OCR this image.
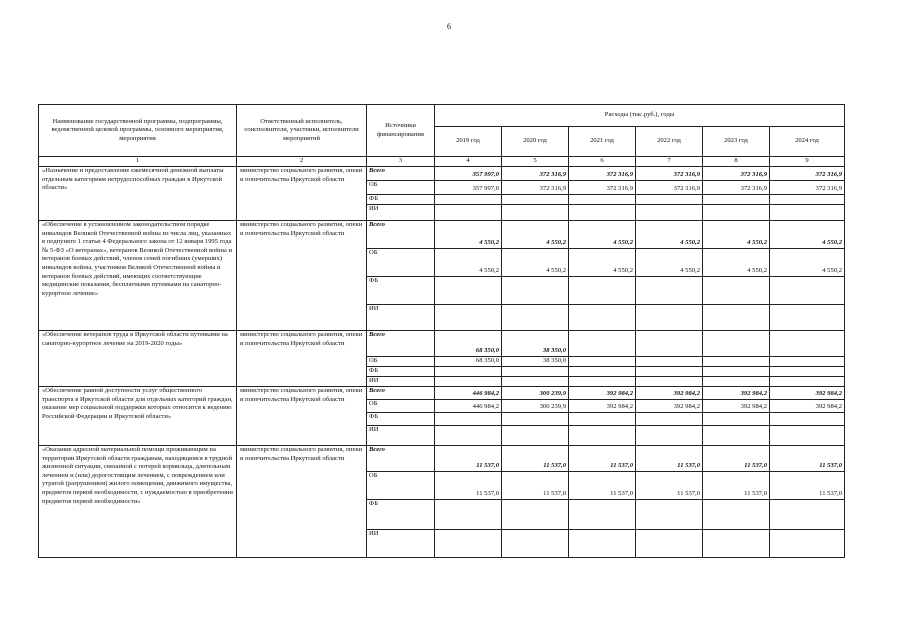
6
Наименование государственной программы, подпрограммы, ведомственной целевой программы, основного мероприятия, мероприятия	Ответственный исполнитель, соисполнители, участники, исполнители мероприятий	Источники финансирования	Расходы (тыс.руб.), годы					
			2019 год	2020 год	2021 год	2022 год	2023 год	2024 год
1	2	3	4	5	6	7	8	9
«Назначение и предоставление ежемесячной денежной выплаты отдельным категориям нетрудоспособных граждан в Иркутской области»	министерство социального развития, опеки и попечительства Иркутской области	Всего	357 997,0	372 316,9	372 316,9	372 316,9	372 316,9	372 316,9
		ОБ	357 997,0	372 316,9	372 316,9	372 316,9	372 316,9	372 316,9
		ФБ						
		ИИ						
«Обеспечение в установленном законодательством порядке инвалидов Великой Отечественной войны из числа лиц, указанных в подпункте 1 статьи 4 Федерального закона от 12 января 1995 года № 5-ФЗ «О ветеранах», ветеранов Великой Отечественной войны и ветеранов боевых действий, членов семей погибших (умерших) инвалидов войны, участников Великой Отечественной войны и ветеранов боевых действий, имеющих соответствующие медицинские показания, бесплатными путевками на санаторно-курортное лечение»	министерство социального развития, опеки и попечительства Иркутской области	Всего	4 550,2	4 550,2	4 550,2	4 550,2	4 550,2	4 550,2
		ОБ	4 550,2	4 550,2	4 550,2	4 550,2	4 550,2	4 550,2
		ФБ						
		ИИ						
«Обеспечение ветеранов труда в Иркутской области путевками на санаторно-курортное лечение на 2019-2020 годы»	министерство социального развития, опеки и попечительства Иркутской области	Всего	68 350,0	38 350,0				
		ОБ	68 350,0	38 350,0				
		ФБ						
		ИИ						
«Обеспечение равной доступности услуг общественного транспорта в Иркутской области для отдельных категорий граждан, оказание мер социальной поддержки которых относится к ведению Российской Федерации и Иркутской области»	министерство социального развития, опеки и попечительства Иркутской области	Всего	446 984,2	300 239,9	392 984,2	392 984,2	392 984,2	392 984,2
		ОБ	446 984,2	300 239,9	392 984,2	392 984,2	392 984,2	392 984,2
		ФБ						
		ИИ						
«Оказание адресной материальной помощи проживающим на территории Иркутской области гражданам, находящимся в трудной жизненной ситуации, связанной с потерей кормильца, длительным лечением и (или) дорогостоящим лечением, с повреждением или утратой (разрушением) жилого помещения, движимого имущества, предметов первой необходимости, с нуждаемостью в приобретении предметов первой необходимости»	министерство социального развития, опеки и попечительства Иркутской области	Всего	11 537,0	11 537,0	11 537,0	11 537,0	11 537,0	11 537,0
		ОБ	11 537,0	11 537,0	11 537,0	11 537,0	11 537,0	11 537,0
		ФБ						
		ИИ						
